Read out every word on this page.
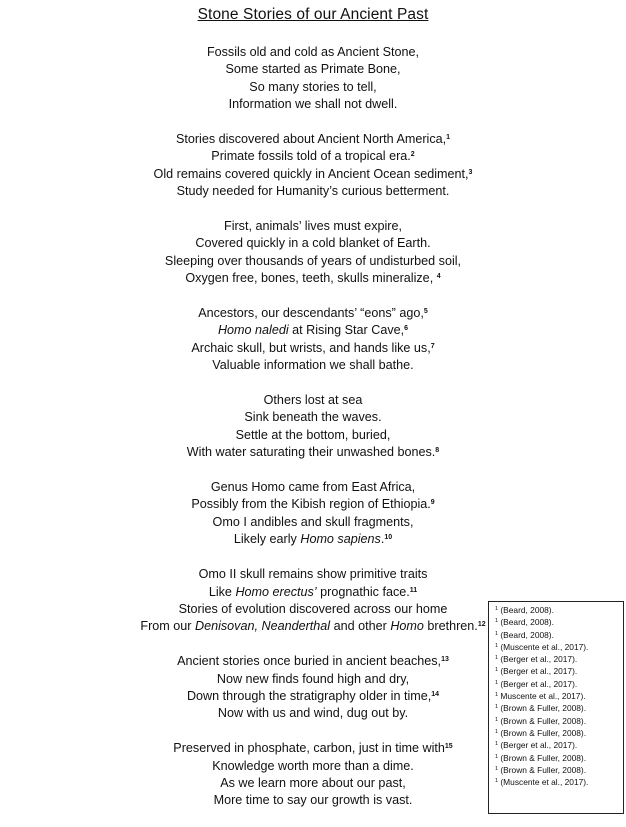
Stone Stories of our Ancient Past
Fossils old and cold as Ancient Stone,
Some started as Primate Bone,
So many stories to tell,
Information we shall not dwell.
Stories discovered about Ancient North America,$^1$
Primate fossils told of a tropical era.$^2$
Old remains covered quickly in Ancient Ocean sediment,$^3$
Study needed for Humanity’s curious betterment.
First, animals’ lives must expire,
Covered quickly in a cold blanket of Earth.
Sleeping over thousands of years of undisturbed soil,
Oxygen free, bones, teeth, skulls mineralize, $^4$
Ancestors, our descendants’ “eons” ago,$^5$
Homo naledi at Rising Star Cave,$^6$
Archaic skull, but wrists, and hands like us,$^7$
Valuable information we shall bathe.
Others lost at sea
Sink beneath the waves.
Settle at the bottom, buried,
With water saturating their unwashed bones.$^8$
Genus Homo came from East Africa,
Possibly from the Kibish region of Ethiopia.$^9$
Omo I andibles and skull fragments,
Likely early Homo sapiens.$^{10}$
Omo II skull remains show primitive traits
Like Homo erectus’ prognathic face.$^{11}$
Stories of evolution discovered across our home
From our Denisovan, Neanderthal and other Homo brethren.$^{12}$
Ancient stories once buried in ancient beaches,$^{13}$
Now new finds found high and dry,
Down through the stratigraphy older in time,$^{14}$
Now with us and wind, dug out by.
Preserved in phosphate, carbon, just in time with$^{15}$
Knowledge worth more than a dime.
As we learn more about our past,
More time to say our growth is vast.
$^1$ (Beard, 2008).
$^1$ (Beard, 2008).
$^1$ (Beard, 2008).
$^1$ (Muscente et al., 2017).
$^1$ (Berger et al., 2017).
$^1$ (Berger et al., 2017).
$^1$ (Berger et al., 2017).
$^1$ Muscente et al., 2017).
$^1$ (Brown & Fuller, 2008).
$^1$ (Brown & Fuller, 2008).
$^1$ (Brown & Fuller, 2008).
$^1$ (Berger et al., 2017).
$^1$ (Brown & Fuller, 2008).
$^1$ (Brown & Fuller, 2008).
$^1$ (Muscente et al., 2017).
